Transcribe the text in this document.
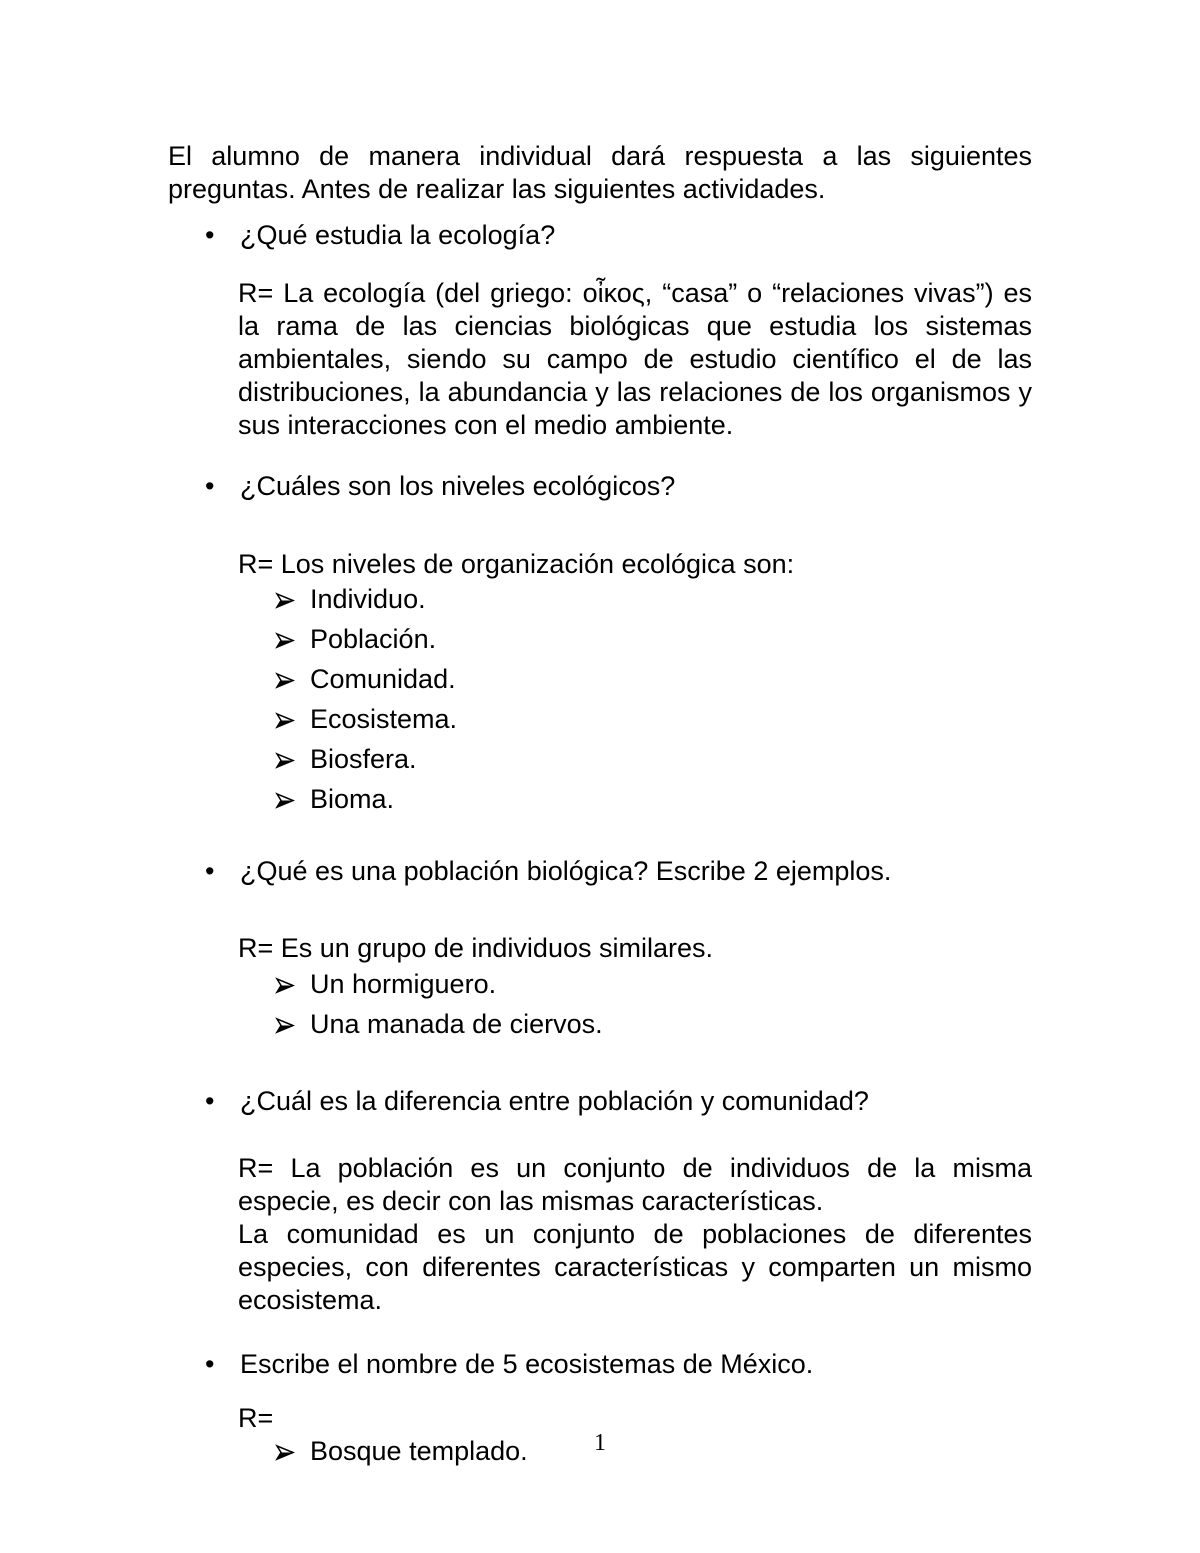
El alumno de manera individual dará respuesta a las siguientes preguntas. Antes de realizar las siguientes actividades.
• ¿Qué estudia la ecología?
R= La ecología (del griego: οἶκος, “casa” o “relaciones vivas”) es la rama de las ciencias biológicas que estudia los sistemas ambientales, siendo su campo de estudio científico el de las distribuciones, la abundancia y las relaciones de los organismos y sus interacciones con el medio ambiente.
• ¿Cuáles son los niveles ecológicos?
R= Los niveles de organización ecológica son:
Individuo.
Población.
Comunidad.
Ecosistema.
Biosfera.
Bioma.
• ¿Qué es una población biológica? Escribe 2 ejemplos.
R= Es un grupo de individuos similares.
Un hormiguero.
Una manada de ciervos.
• ¿Cuál es la diferencia entre población y comunidad?
R= La población es un conjunto de individuos de la misma especie, es decir con las mismas características.
La comunidad es un conjunto de poblaciones de diferentes especies, con diferentes características y comparten un mismo ecosistema.
• Escribe el nombre de 5 ecosistemas de México.
R=
Bosque templado.	1
